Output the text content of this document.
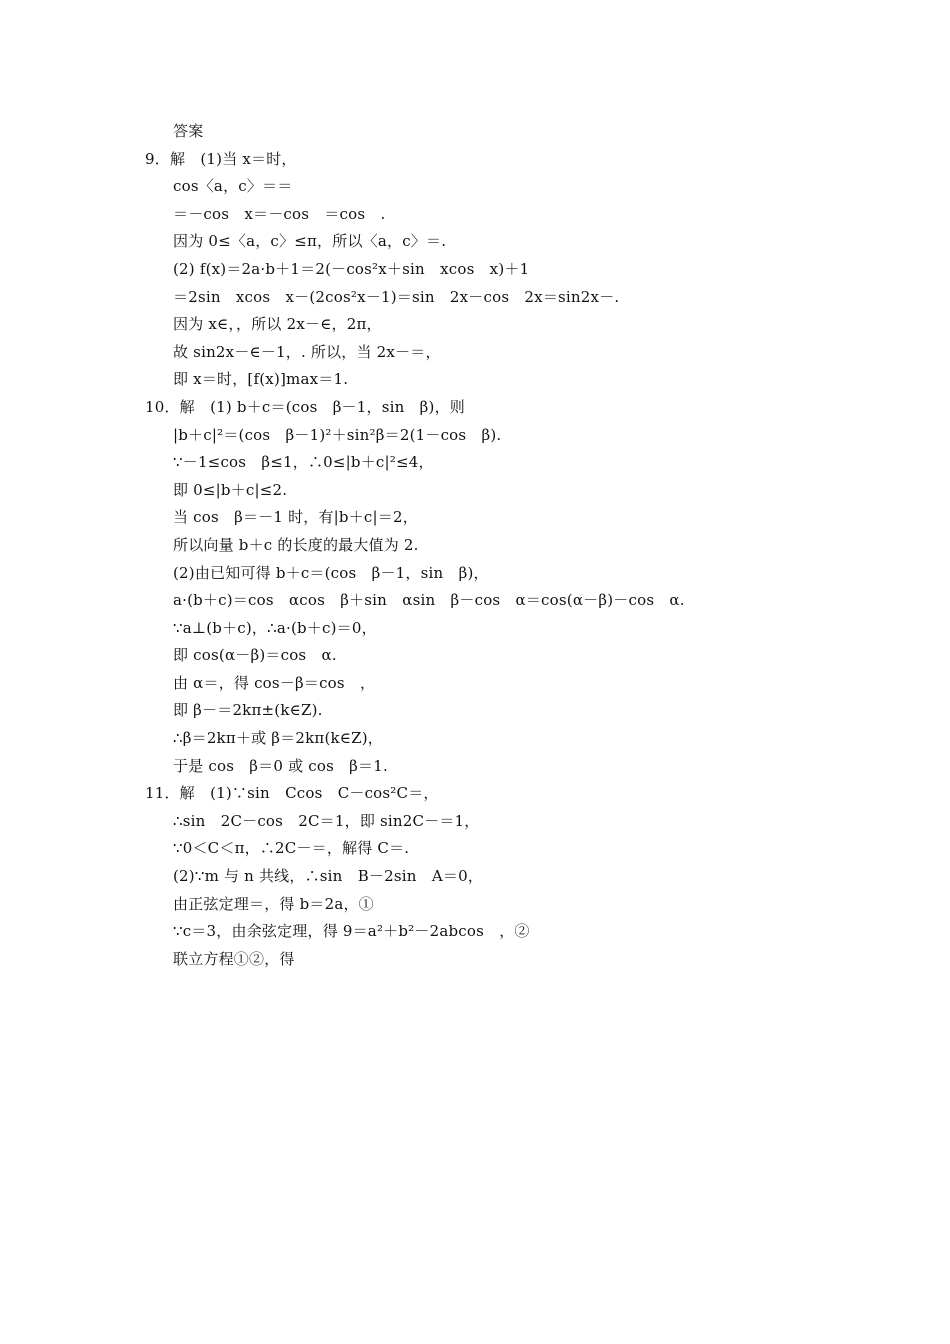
答案
9．解　(1)当 x＝时，
cos〈a，c〉＝＝
＝－cos　x＝－cos　＝cos　.
因为 0≤〈a，c〉≤π，所以〈a，c〉＝.
(2) f(x)＝2a·b＋1＝2(－cos²x＋sin　xcos　x)＋1
＝2sin　xcos　x－(2cos²x－1)＝sin　2x－cos　2x＝sin2x－.
因为 x∈，，所以 2x－∈，2π，
故 sin2x－∈－1，. 所以，当 2x－＝，
即 x＝时，[f(x)]max＝1.
10．解　(1) b＋c＝(cos　β－1，sin　β)，则
|b＋c|²＝(cos　β－1)²＋sin²β＝2(1－cos　β).
∵－1≤cos　β≤1，∴0≤|b＋c|²≤4，
即 0≤|b＋c|≤2.
当 cos　β＝－1 时，有|b＋c|＝2，
所以向量 b＋c 的长度的最大值为 2.
(2)由已知可得 b＋c＝(cos　β－1，sin　β)，
a·(b＋c)＝cos　αcos　β＋sin　αsin　β－cos　α＝cos(α－β)－cos　α.
∵a⊥(b＋c)，∴a·(b＋c)＝0，
即 cos(α－β)＝cos　α.
由 α＝，得 cos－β＝cos　，
即 β－＝2kπ±(k∈Z).
∴β＝2kπ＋或 β＝2kπ(k∈Z)，
于是 cos　β＝0 或 cos　β＝1.
11．解　(1)∵sin　Ccos　C－cos²C＝，
∴sin　2C－cos　2C＝1，即 sin2C－＝1，
∵0＜C＜π，∴2C－＝，解得 C＝.
(2)∵m 与 n 共线，∴sin　B－2sin　A＝0，
由正弦定理＝，得 b＝2a，①
∵c＝3，由余弦定理，得 9＝a²＋b²－2abcos　，②
联立方程①②，得
